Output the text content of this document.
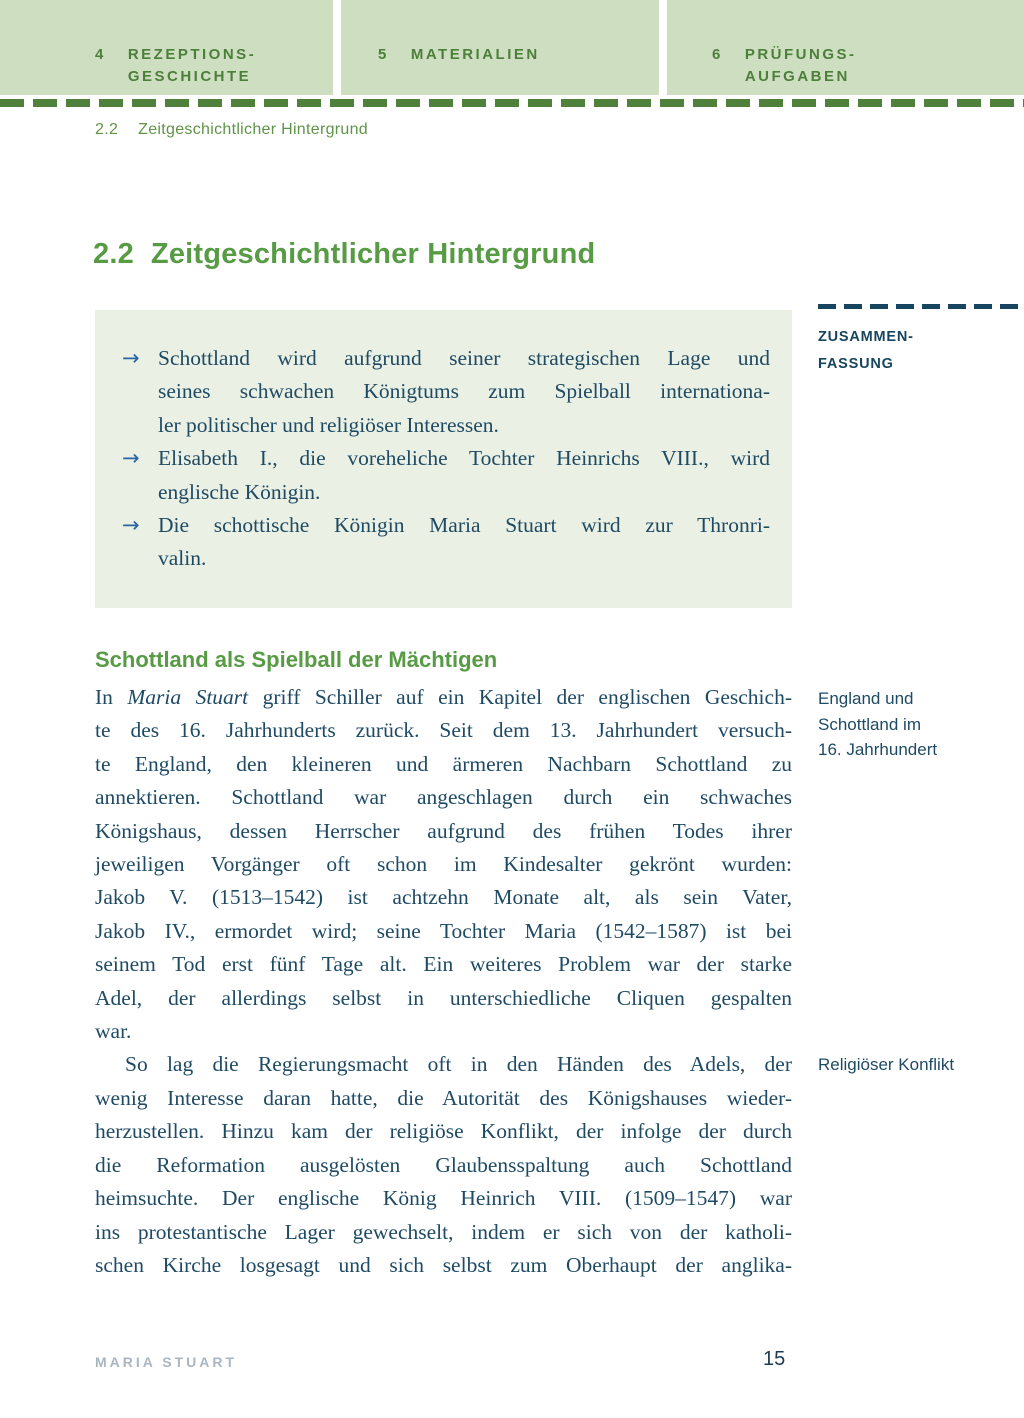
4 REZEPTIONS-
GESCHICHTE
5 MATERIALIEN	6 PRÜFUNGS-
AUFGABEN
2.2 Zeitgeschichtlicher Hintergrund
2.2 Zeitgeschichtlicher Hintergrund
→ Schottland wird aufgrund seiner strategischen Lage und
seines schwachen Königtums zum Spielball internationa-
ler politischer und religiöser Interessen.
→ Elisabeth I., die voreheliche Tochter Heinrichs VIII., wird
englische Königin.
→ Die schottische Königin Maria Stuart wird zur Thronri-
valin.
ZUSAMMEN-
FASSUNG
Schottland als Spielball der Mächtigen
In Maria Stuart griff Schiller auf ein Kapitel der englischen Geschich-
te des 16. Jahrhunderts zurück. Seit dem 13. Jahrhundert versuch-
te England, den kleineren und ärmeren Nachbarn Schottland zu
annektieren. Schottland war angeschlagen durch ein schwaches
Königshaus, dessen Herrscher aufgrund des frühen Todes ihrer
jeweiligen Vorgänger oft schon im Kindesalter gekrönt wurden:
Jakob V. (1513–1542) ist achtzehn Monate alt, als sein Vater,
Jakob IV., ermordet wird; seine Tochter Maria (1542–1587) ist bei
seinem Tod erst fünf Tage alt. Ein weiteres Problem war der starke
Adel, der allerdings selbst in unterschiedliche Cliquen gespalten
war.
So lag die Regierungsmacht oft in den Händen des Adels, der
wenig Interesse daran hatte, die Autorität des Königshauses wieder-
herzustellen. Hinzu kam der religiöse Konflikt, der infolge der durch
die Reformation ausgelösten Glaubensspaltung auch Schottland
heimsuchte. Der englische König Heinrich VIII. (1509–1547) war
ins protestantische Lager gewechselt, indem er sich von der katholi-
schen Kirche losgesagt und sich selbst zum Oberhaupt der anglika-
England und
Schottland im
16. Jahrhundert
Religiöser Konflikt
MARIA STUART	15
